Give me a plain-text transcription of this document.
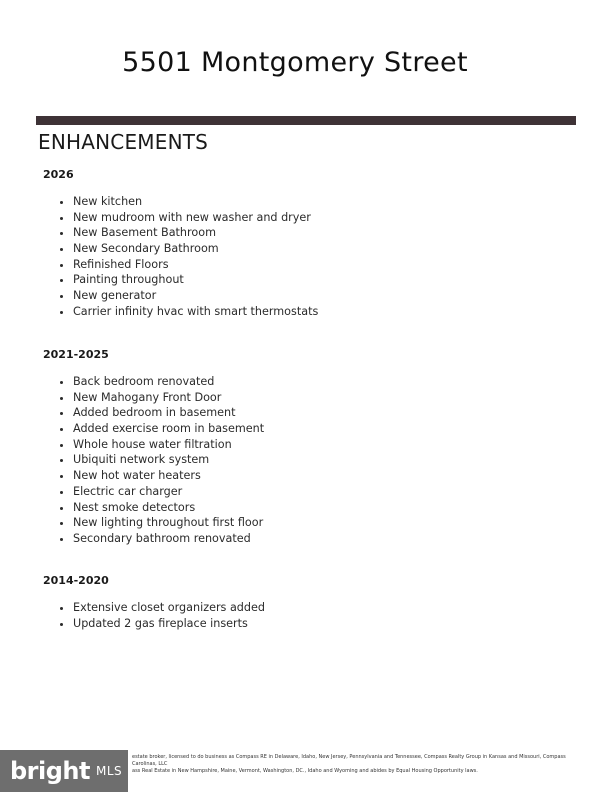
5501 Montgomery Street
ENHANCEMENTS
2026
• New kitchen
• New mudroom with new washer and dryer
• New Basement Bathroom
• New Secondary Bathroom
• Refinished Floors
• Painting throughout
• New generator
• Carrier infinity hvac with smart thermostats
2021-2025
• Back bedroom renovated
• New Mahogany Front Door
• Added bedroom in basement
• Added exercise room in basement
• Whole house water filtration
• Ubiquiti network system
• New hot water heaters
• Electric car charger
• Nest smoke detectors
• New lighting throughout first floor
• Secondary bathroom renovated
2014-2020
• Extensive closet organizers added
• Updated 2 gas fireplace inserts
bright MLS
estate broker, licensed to do business as Compass RE in Delaware, Idaho, New Jersey, Pennsylvania and Tennessee, Compass Realty Group in Kansas and Missouri, Compass Carolinas, LLC
ass Real Estate in New Hampshire, Maine, Vermont, Washington, DC., Idaho and Wyoming and abides by Equal Housing Opportunity laws.
